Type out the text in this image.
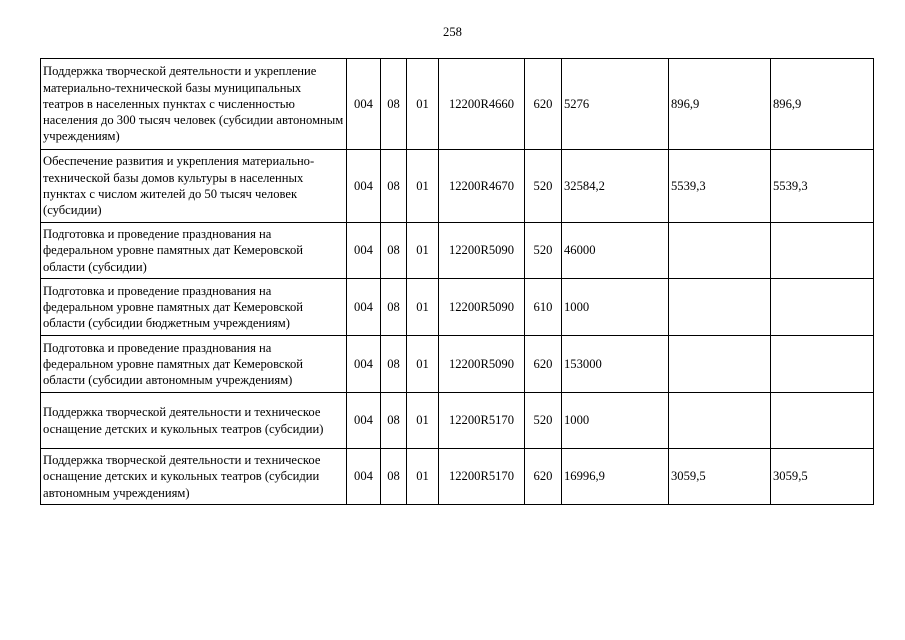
258
Поддержка творческой деятельности и укрепление материально-технической базы муниципальных театров в населенных пунктах с численностью населения до 300 тысяч человек (субсидии автономным учреждениям)	004	08	01	12200R4660	620	5276	896,9	896,9
Обеспечение развития и укрепления материально-технической базы домов культуры в населенных пунктах с числом жителей до 50 тысяч человек (субсидии)	004	08	01	12200R4670	520	32584,2	5539,3	5539,3
Подготовка и проведение празднования на федеральном уровне памятных дат Кемеровской области (субсидии)	004	08	01	12200R5090	520	46000		
Подготовка и проведение празднования на федеральном уровне памятных дат Кемеровской области (субсидии бюджетным учреждениям)	004	08	01	12200R5090	610	1000		
Подготовка и проведение празднования на федеральном уровне памятных дат Кемеровской области (субсидии автономным учреждениям)	004	08	01	12200R5090	620	153000		
Поддержка творческой деятельности и техническое оснащение детских и кукольных театров (субсидии)	004	08	01	12200R5170	520	1000		
Поддержка творческой деятельности и техническое оснащение детских и кукольных театров (субсидии автономным учреждениям)	004	08	01	12200R5170	620	16996,9	3059,5	3059,5
